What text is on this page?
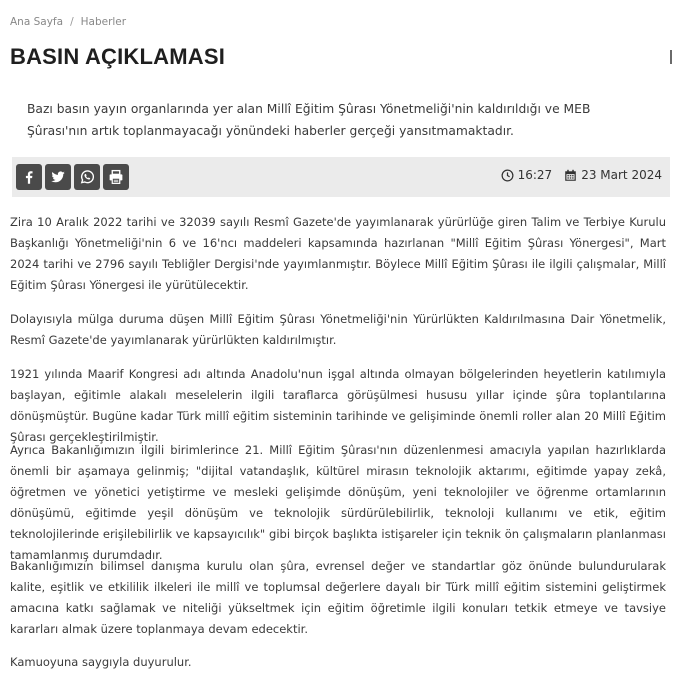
Ana Sayfa / Haberler
BASIN AÇIKLAMASI

Bazı basın yayın organlarında yer alan Millî Eğitim Şûrası Yönetmeliği'nin kaldırıldığı ve MEB Şûrası'nın artık toplanmayacağı yönündeki haberler gerçeği yansıtmamaktadır.

16:27 23 Mart 2024

Zira 10 Aralık 2022 tarihi ve 32039 sayılı Resmî Gazete'de yayımlanarak yürürlüğe giren Talim ve Terbiye Kurulu Başkanlığı Yönetmeliği'nin 6 ve 16'ncı maddeleri kapsamında hazırlanan "Millî Eğitim Şûrası Yönergesi", Mart 2024 tarihi ve 2796 sayılı Tebliğler Dergisi'nde yayımlanmıştır. Böylece Millî Eğitim Şûrası ile ilgili çalışmalar, Millî Eğitim Şûrası Yönergesi ile yürütülecektir.

Dolayısıyla mülga duruma düşen Millî Eğitim Şûrası Yönetmeliği'nin Yürürlükten Kaldırılmasına Dair Yönetmelik, Resmî Gazete'de yayımlanarak yürürlükten kaldırılmıştır.

1921 yılında Maarif Kongresi adı altında Anadolu'nun işgal altında olmayan bölgelerinden heyetlerin katılımıyla başlayan, eğitimle alakalı meselelerin ilgili taraflarca görüşülmesi hususu yıllar içinde şûra toplantılarına dönüşmüştür. Bugüne kadar Türk millî eğitim sisteminin tarihinde ve gelişiminde önemli roller alan 20 Millî Eğitim Şûrası gerçekleştirilmiştir.

Ayrıca Bakanlığımızın ilgili birimlerince 21. Millî Eğitim Şûrası'nın düzenlenmesi amacıyla yapılan hazırlıklarda önemli bir aşamaya gelinmiş; "dijital vatandaşlık, kültürel mirasın teknolojik aktarımı, eğitimde yapay zekâ, öğretmen ve yönetici yetiştirme ve mesleki gelişimde dönüşüm, yeni teknolojiler ve öğrenme ortamlarının dönüşümü, eğitimde yeşil dönüşüm ve teknolojik sürdürülebilirlik, teknoloji kullanımı ve etik, eğitim teknolojilerinde erişilebilirlik ve kapsayıcılık" gibi birçok başlıkta istişareler için teknik ön çalışmaların planlanması tamamlanmış durumdadır.

Bakanlığımızın bilimsel danışma kurulu olan şûra, evrensel değer ve standartlar göz önünde bulundurularak kalite, eşitlik ve etkililik ilkeleri ile millî ve toplumsal değerlere dayalı bir Türk millî eğitim sistemini geliştirmek amacına katkı sağlamak ve niteliği yükseltmek için eğitim öğretimle ilgili konuları tetkik etmeye ve tavsiye kararları almak üzere toplanmaya devam edecektir.

Kamuoyuna saygıyla duyurulur.
